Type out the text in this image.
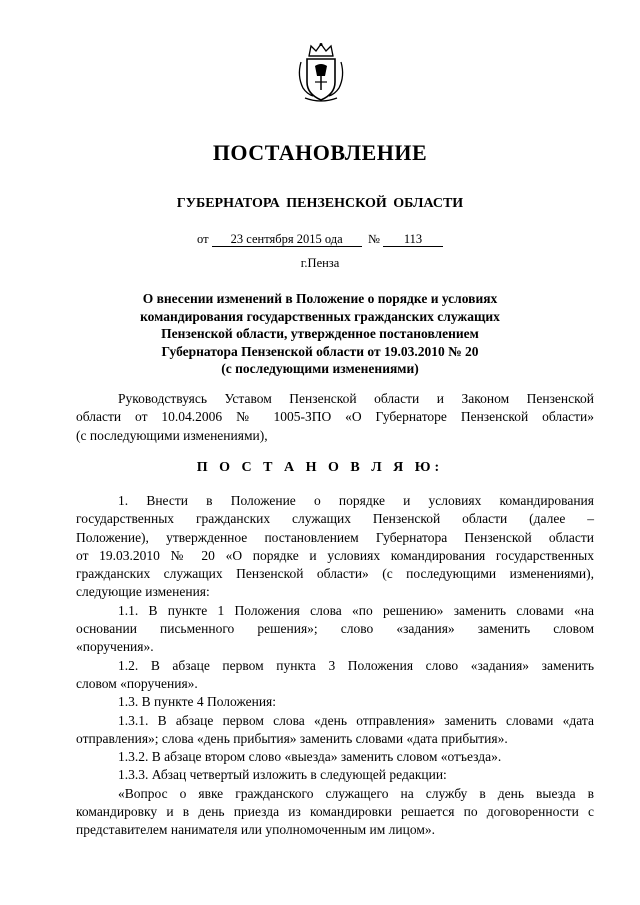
ПОСТАНОВЛЕНИЕ
ГУБЕРНАТОРА ПЕНЗЕНСКОЙ ОБЛАСТИ
от 23 сентября 2015 ода № 113
г.Пенза
О внесении изменений в Положение о порядке и условиях
командирования государственных гражданских служащих
Пензенской области, утвержденное постановлением
Губернатора Пензенской области от 19.03.2010 № 20
(с последующими изменениями)
Руководствуясь Уставом Пензенской области и Законом Пензенской
области от 10.04.2006 № 1005-ЗПО «О Губернаторе Пензенской области»
(с последующими изменениями),
П О С Т А Н О В Л Я Ю:
1. Внести в Положение о порядке и условиях командирования
государственных гражданских служащих Пензенской области (далее –
Положение), утвержденное постановлением Губернатора Пензенской области
от 19.03.2010 № 20 «О порядке и условиях командирования государственных
гражданских служащих Пензенской области» (с последующими изменениями),
следующие изменения:
1.1. В пункте 1 Положения слова «по решению» заменить словами «на
основании письменного решения»; слово «задания» заменить словом
«поручения».
1.2. В абзаце первом пункта 3 Положения слово «задания» заменить
словом «поручения».
1.3. В пункте 4 Положения:
1.3.1. В абзаце первом слова «день отправления» заменить словами «дата
отправления»; слова «день прибытия» заменить словами «дата прибытия».
1.3.2. В абзаце втором слово «выезда» заменить словом «отъезда».
1.3.3. Абзац четвертый изложить в следующей редакции:
«Вопрос о явке гражданского служащего на службу в день выезда в
командировку и в день приезда из командировки решается по договоренности с
представителем нанимателя или уполномоченным им лицом».
